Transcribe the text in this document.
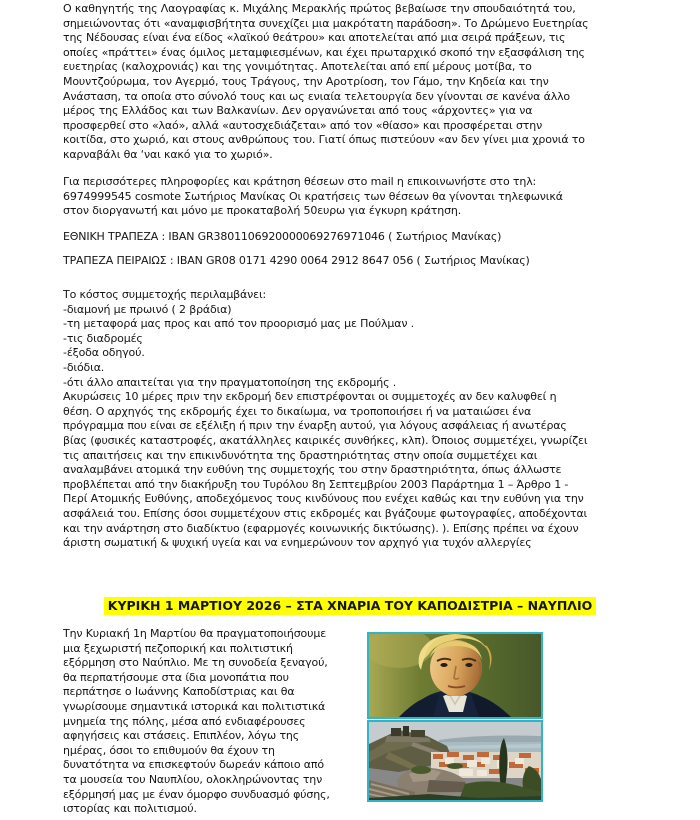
Ο καθηγητής της Λαογραφίας κ. Μιχάλης Μερακλής πρώτος βεβαίωσε την σπουδαιότητά του,
σημειώνοντας ότι «αναμφισβήτητα συνεχίζει μια μακρότατη παράδοση». Το Δρώμενο Ευετηρίας
της Νέδουσας είναι ένα είδος «λαϊκού θεάτρου» και αποτελείται από μια σειρά πράξεων, τις
οποίες «πράττει» ένας όμιλος μεταμφιεσμένων, και έχει πρωταρχικό σκοπό την εξασφάλιση της
ευετηρίας (καλοχρονιάς) και της γονιμότητας. Αποτελείται από επί μέρους μοτίβα, το
Μουντζούρωμα, τον Αγερμό, τους Τράγους, την Αροτρίοση, τον Γάμο, την Κηδεία και την
Ανάσταση, τα οποία στο σύνολό τους και ως ενιαία τελετουργία δεν γίνονται σε κανένα άλλο
μέρος της Ελλάδος και των Βαλκανίων. Δεν οργανώνεται από τους «άρχοντες» για να
προσφερθεί στο «λαό», αλλά «αυτοσχεδιάζεται» από τον «θίασο» και προσφέρεται στην
κοιτίδα, στο χωριό, και στους ανθρώπους του. Γιατί όπως πιστεύουν «αν δεν γίνει μια χρονιά το
καρναβάλι θα ‘ναι κακό για το χωριό».
Για περισσότερες πληροφορίες και κράτηση θέσεων στο mail η επικοινωνήστε στο τηλ:
6974999545 cosmote Σωτήριος Μανίκας Οι κρατήσεις των θέσεων θα γίνονται τηλεφωνικά
στον διοργανωτή και μόνο με προκαταβολή 50ευρω για έγκυρη κράτηση.
ΕΘΝΙΚΗ ΤΡΑΠΕΖΑ : IBAN GR3801106920000069276971046 ( Σωτήριος Μανίκας)
ΤΡΑΠΕΖΑ ΠΕΙΡΑΙΩΣ : IBAN GR08 0171 4290 0064 2912 8647 056 ( Σωτήριος Μανίκας)
Το κόστος συμμετοχής περιλαμβάνει:
-διαμονή με πρωινό ( 2 βράδια)
-τη μεταφορά μας προς και από τον προορισμό μας με Πούλμαν .
-τις διαδρομές
-έξοδα οδηγού.
-διόδια.
-ότι άλλο απαιτείται για την πραγματοποίηση της εκδρομής .
Ακυρώσεις 10 μέρες πριν την εκδρομή δεν επιστρέφονται οι συμμετοχές αν δεν καλυφθεί η
θέση. Ο αρχηγός της εκδρομής έχει το δικαίωμα, να τροποποιήσει ή να ματαιώσει ένα
πρόγραμμα που είναι σε εξέλιξη ή πριν την έναρξη αυτού, για λόγους ασφάλειας ή ανωτέρας
βίας (φυσικές καταστροφές, ακατάλληλες καιρικές συνθήκες, κλπ). Όποιος συμμετέχει, γνωρίζει
τις απαιτήσεις και την επικινδυνότητα της δραστηριότητας στην οποία συμμετέχει και
αναλαμβάνει ατομικά την ευθύνη της συμμετοχής του στην δραστηριότητα, όπως άλλωστε
προβλέπεται από την διακήρυξη του Τυρόλου 8η Σεπτεμβρίου 2003 Παράρτημα 1 – Άρθρο 1 -
Περί Ατομικής Ευθύνης, αποδεχόμενος τους κινδύνους που ενέχει καθώς και την ευθύνη για την
ασφάλειά του. Επίσης όσοι συμμετέχουν στις εκδρομές και βγάζουμε φωτογραφίες, αποδέχονται
και την ανάρτηση στο διαδίκτυο (εφαρμογές κοινωνικής δικτύωσης). ). Επίσης πρέπει να έχουν
άριστη σωματική & ψυχική υγεία και να ενημερώνουν τον αρχηγό για τυχόν αλλεργίες
ΚΥΡΙΚΗ 1 ΜΑΡΤΙΟΥ 2026 – ΣΤΑ ΧΝΑΡΙΑ ΤΟΥ ΚΑΠΟΔΙΣΤΡΙΑ – ΝΑΥΠΛΙΟ
Την Κυριακή 1η Μαρτίου θα πραγματοποιήσουμε
μια ξεχωριστή πεζοπορική και πολιτιστική
εξόρμηση στο Ναύπλιο. Με τη συνοδεία ξεναγού,
θα περπατήσουμε στα ίδια μονοπάτια που
περπάτησε ο Ιωάννης Καποδίστριας και θα
γνωρίσουμε σημαντικά ιστορικά και πολιτιστικά
μνημεία της πόλης, μέσα από ενδιαφέρουσες
αφηγήσεις και στάσεις. Επιπλέον, λόγω της
ημέρας, όσοι το επιθυμούν θα έχουν τη
δυνατότητα να επισκεφτούν δωρεάν κάποιο από
τα μουσεία του Ναυπλίου, ολοκληρώνοντας την
εξόρμησή μας με έναν όμορφο συνδυασμό φύσης,
ιστορίας και πολιτισμού.
